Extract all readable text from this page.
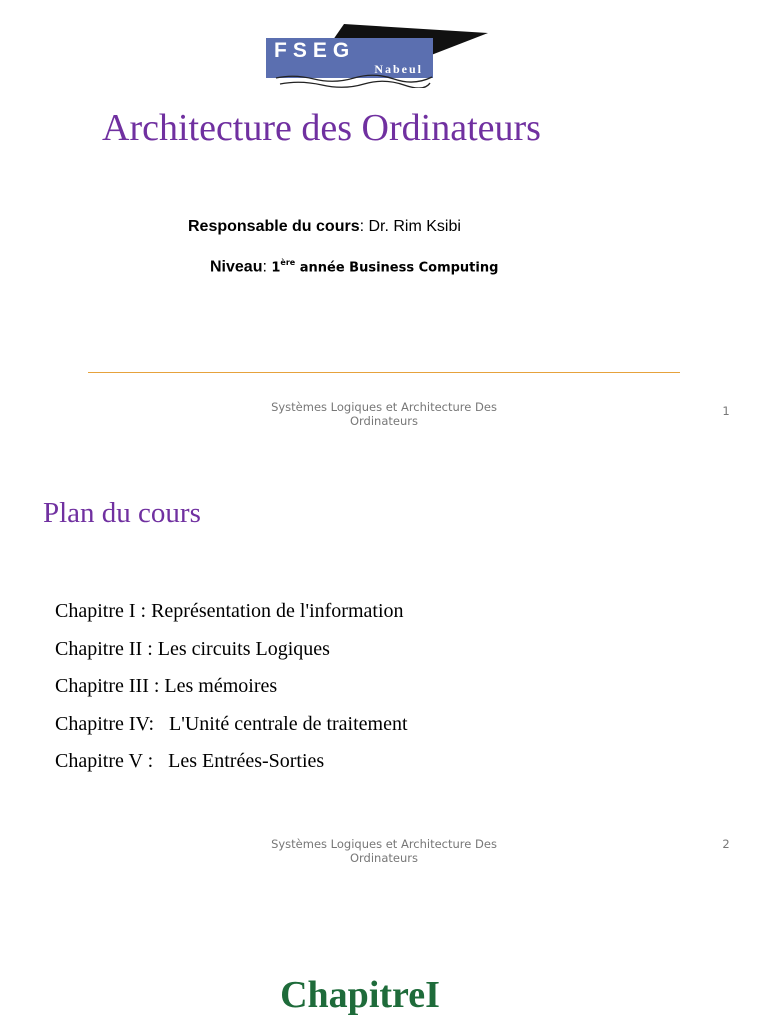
FSEG
Nabeul
Architecture des Ordinateurs
Responsable du cours: Dr. Rim Ksibi
Niveau: 1ère année Business Computing
Systèmes Logiques et Architecture Des
Ordinateurs
1
Plan du cours
Chapitre I : Représentation de l'information
Chapitre II : Les circuits Logiques
Chapitre III : Les mémoires
Chapitre IV:   L'Unité centrale de traitement
Chapitre V :   Les Entrées-Sorties
Systèmes Logiques et Architecture Des
Ordinateurs
2
ChapitreI
